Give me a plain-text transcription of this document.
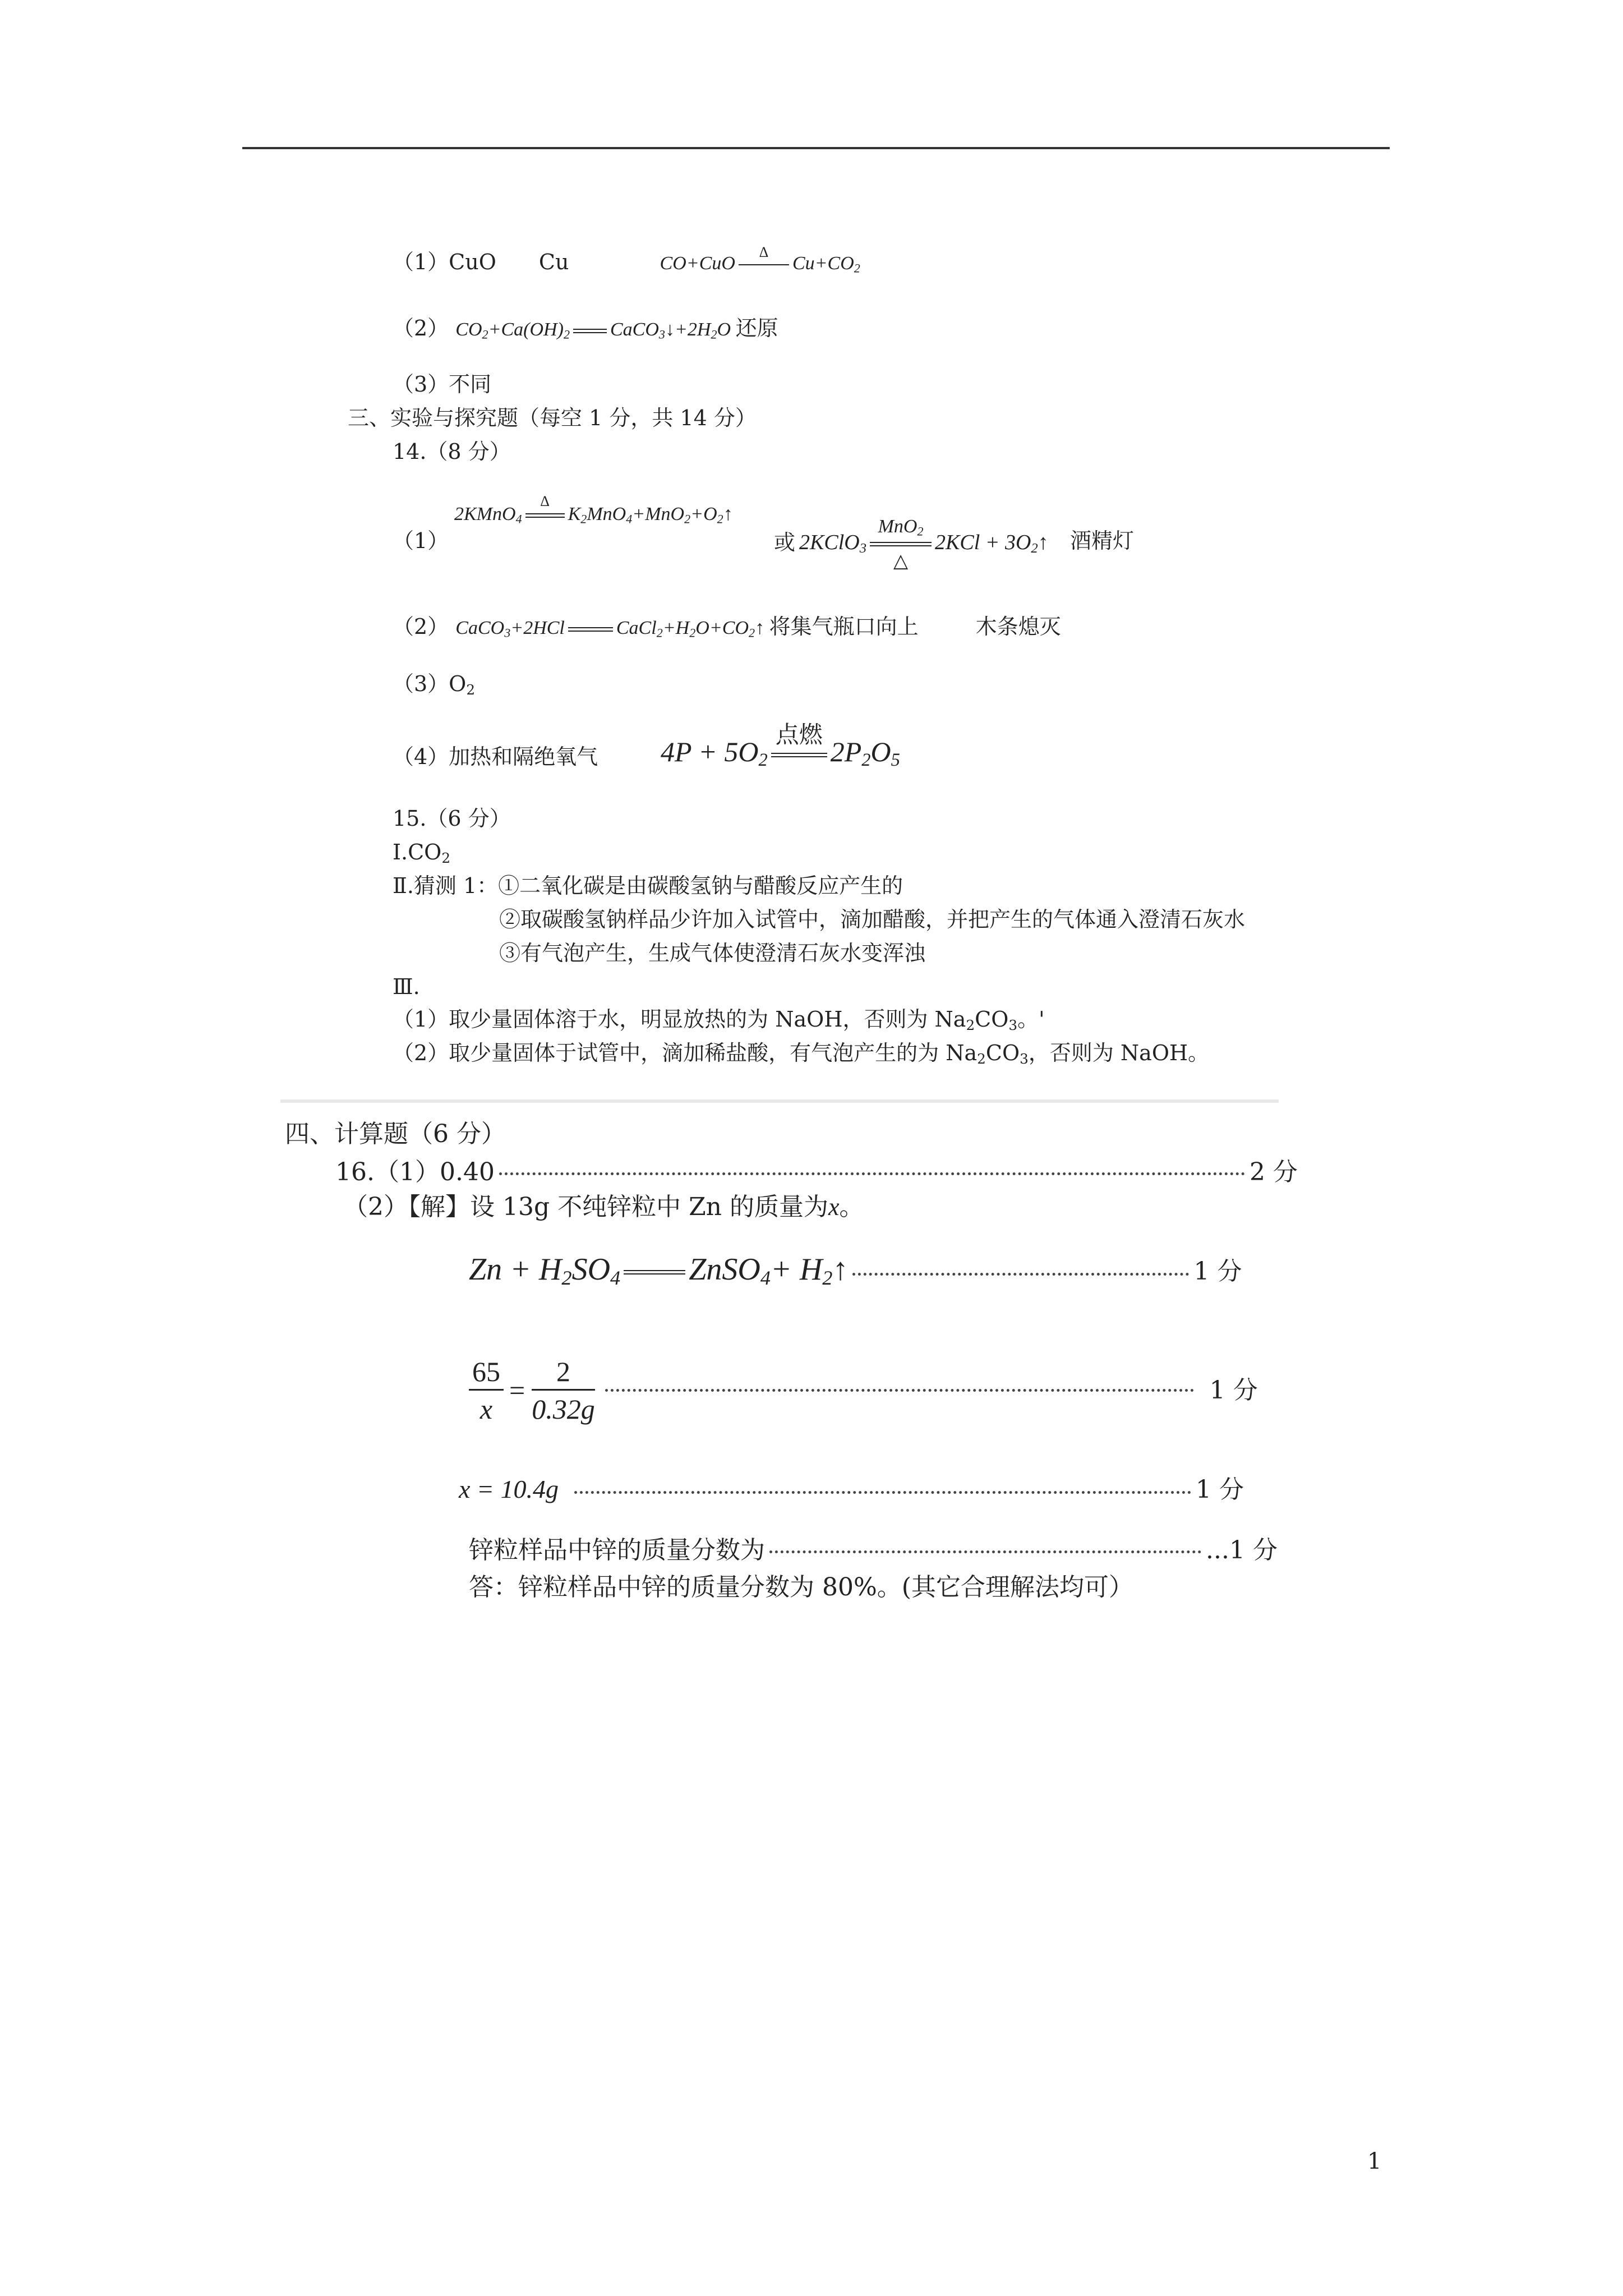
（1）CuO　　Cu	CO+CuO
Δ
$Cu+CO_2$
（2） $CO_2+Ca(OH)_2$ $CaCO_3↓+2H_2O$ 还原
（3）不同
三、实验与探究题（每空 1 分，共 14 分）
14.（8 分）
（1）
2KMnO$_4$
Δ
$K_2MnO_4+MnO_2+O_2↑$
或 2KClO$_3$
MnO$_2$
△
$2KCl + 3O_2↑$ 酒精灯
（2） CaCO$_3$+2HCl	$CaCl_2+H_2O+CO_2↑$ 将集气瓶口向上	木条熄灭
$(3)O_2$
（4）加热和隔绝氧气 $4P + 5O_2$
点燃
$2P_2O_5$
15.（6 分）
$Ⅰ.CO_2$
Ⅱ.猜测 1：①二氧化碳是由碳酸氢钠与醋酸反应产生的
②取碳酸氢钠样品少许加入试管中，滴加醋酸，并把产生的气体通入澄清石灰水
③有气泡产生，生成气体使澄清石灰水变浑浊
Ⅲ.
（1）取少量固体溶于水，明显放热的为 NaOH，否则为 $Na_2CO_3$。'
（2）取少量固体于试管中，滴加稀盐酸，有气泡产生的为 $Na_2CO_3$，否则为 NaOH。
四、计算题（6 分）
16.（1）0.40	2 分
（2）【解】设 13g 不纯锌粒中 Zn 的质量为x。
$Zn + H_2SO_4$ ZnSO$_4$+ $H_2↑$	1 分
$\frac{65}{x} = \frac{2}{0.32g}$	1 分
x = 10.4g	1 分
锌粒样品中锌的质量分数为	...1 分
答：锌粒样品中锌的质量分数为 80%。(其它合理解法均可）
1
